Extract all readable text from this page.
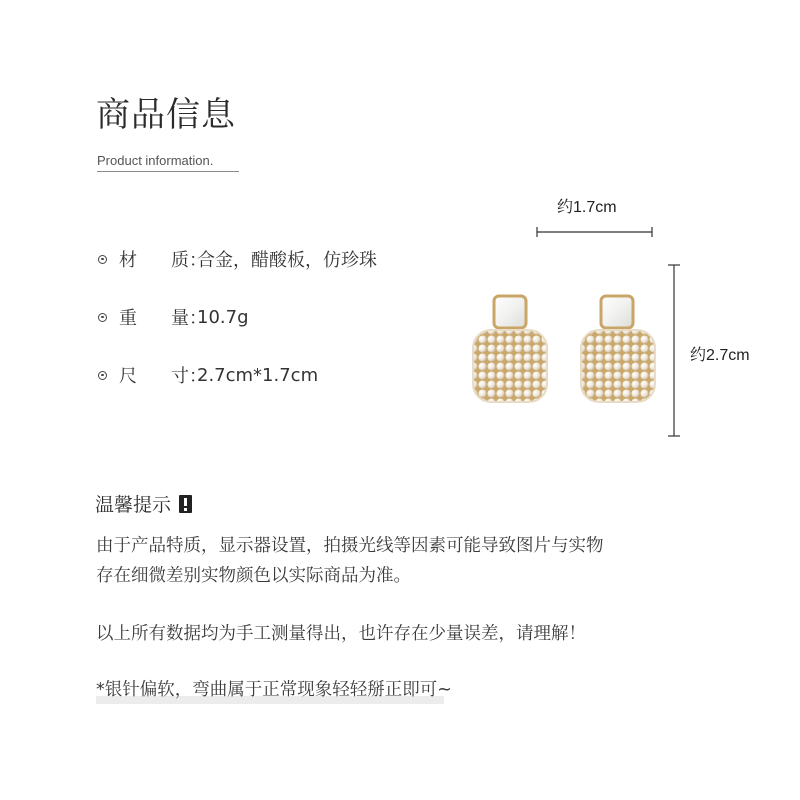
商品信息
Product information.
材	质：
合金，醋酸板，仿珍珠
重	量：
10.7g
尺	寸：
2.7cm*1.7cm
约1.7cm
约2.7cm
温馨提示
由于产品特质，显示器设置，拍摄光线等因素可能导致图片与实物
存在细微差别实物颜色以实际商品为准。
以上所有数据均为手工测量得出，也许存在少量误差，请理解！
*银针偏软，弯曲属于正常现象轻轻掰正即可~
